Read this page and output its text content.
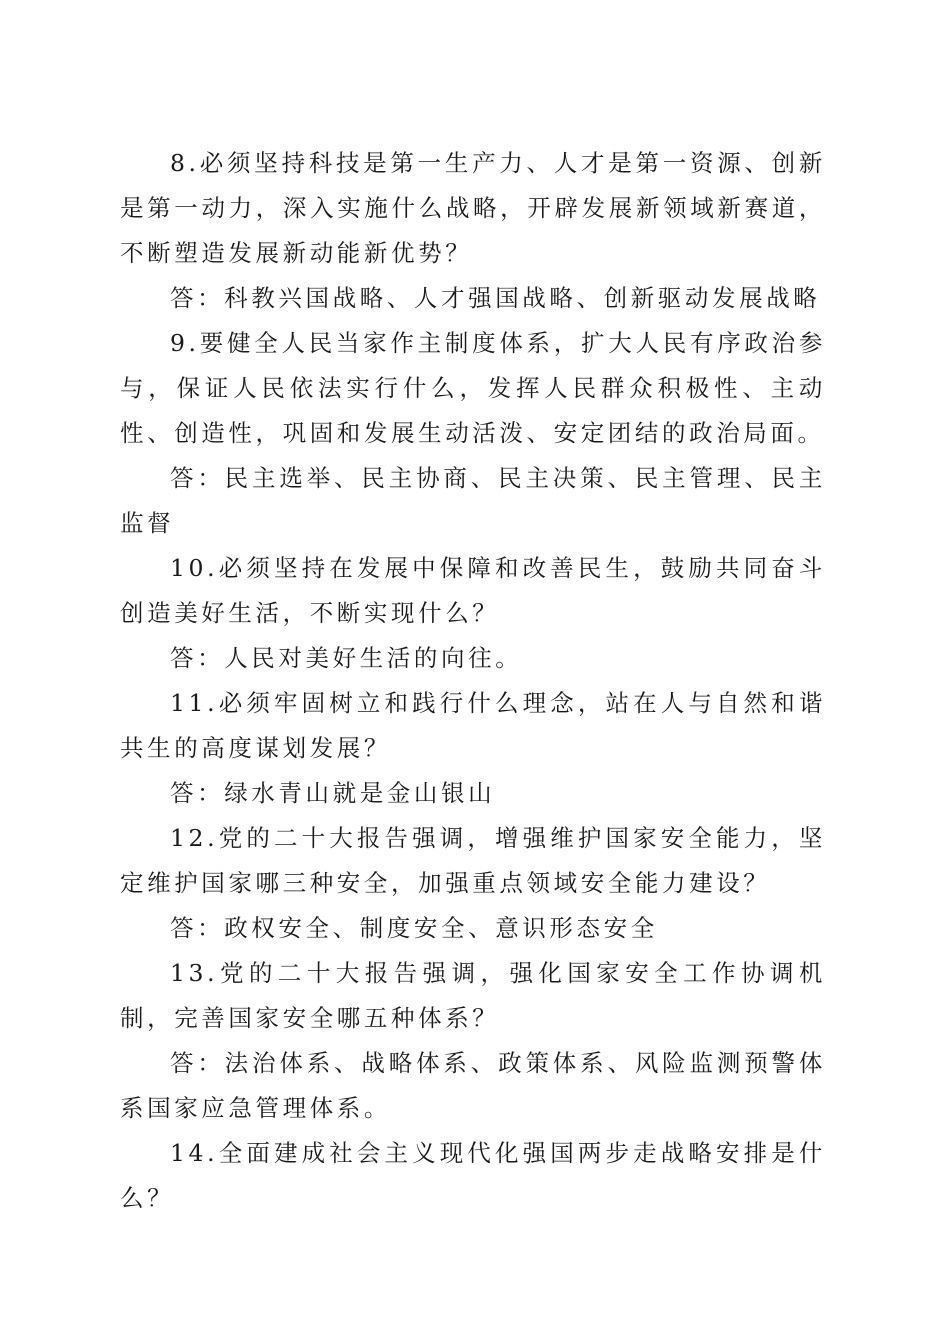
8.必须坚持科技是第一生产力、人才是第一资源、创新是第一动力，深入实施什么战略，开辟发展新领域新赛道，不断塑造发展新动能新优势？

答：科教兴国战略、人才强国战略、创新驱动发展战略

9.要健全人民当家作主制度体系，扩大人民有序政治参与，保证人民依法实行什么，发挥人民群众积极性、主动性、创造性，巩固和发展生动活泼、安定团结的政治局面。

答：民主选举、民主协商、民主决策、民主管理、民主监督

10.必须坚持在发展中保障和改善民生，鼓励共同奋斗创造美好生活，不断实现什么？

答：人民对美好生活的向往。

11.必须牢固树立和践行什么理念，站在人与自然和谐共生的高度谋划发展？

答：绿水青山就是金山银山

12.党的二十大报告强调，增强维护国家安全能力，坚定维护国家哪三种安全，加强重点领域安全能力建设？

答：政权安全、制度安全、意识形态安全

13.党的二十大报告强调，强化国家安全工作协调机制，完善国家安全哪五种体系？

答：法治体系、战略体系、政策体系、风险监测预警体系国家应急管理体系。

14.全面建成社会主义现代化强国两步走战略安排是什么？
